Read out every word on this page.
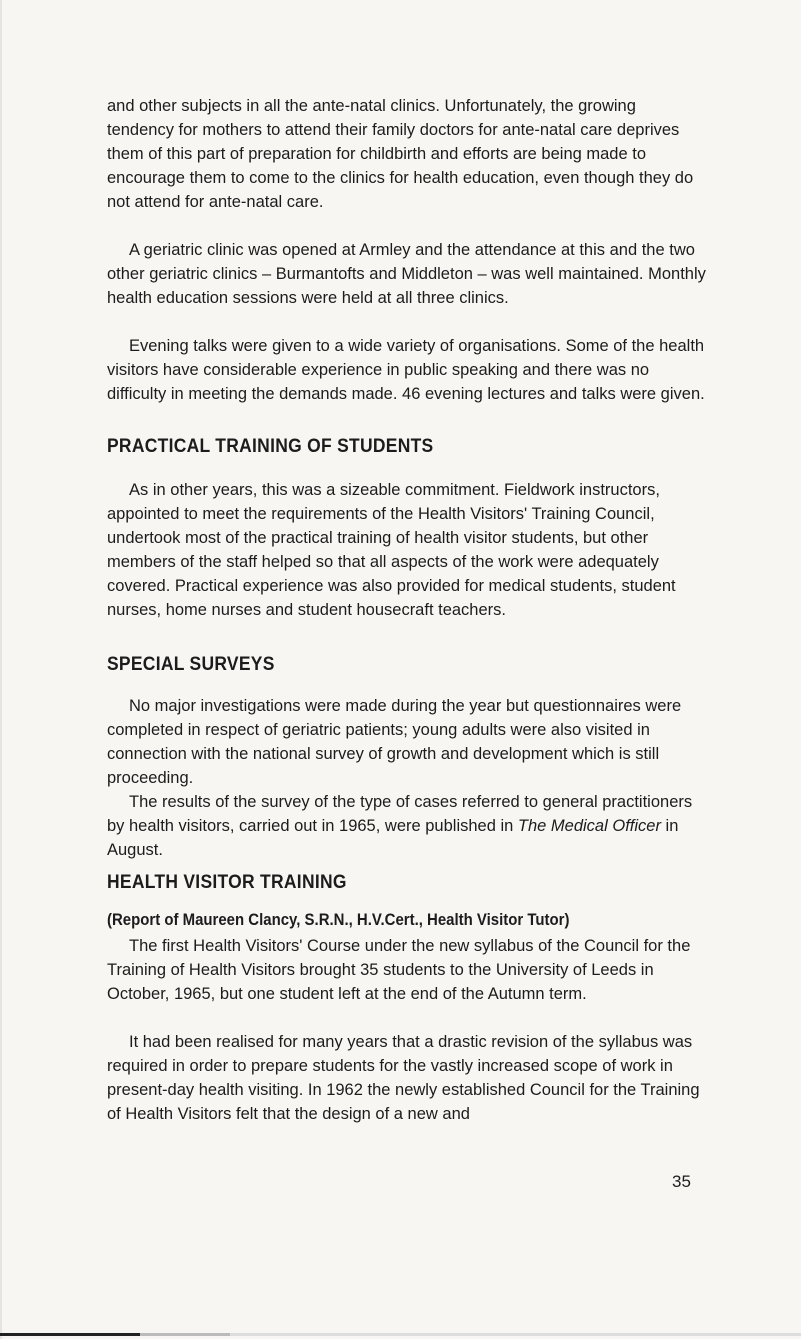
and other subjects in all the ante-natal clinics. Unfortunately, the growing tendency for mothers to attend their family doctors for ante-natal care deprives them of this part of preparation for childbirth and efforts are being made to encourage them to come to the clinics for health education, even though they do not attend for ante-natal care.

A geriatric clinic was opened at Armley and the attendance at this and the two other geriatric clinics – Burmantofts and Middleton – was well maintained. Monthly health education sessions were held at all three clinics.

Evening talks were given to a wide variety of organisations. Some of the health visitors have considerable experience in public speaking and there was no difficulty in meeting the demands made. 46 evening lectures and talks were given.

PRACTICAL TRAINING OF STUDENTS

As in other years, this was a sizeable commitment. Fieldwork instructors, appointed to meet the requirements of the Health Visitors' Training Council, undertook most of the practical training of health visitor students, but other members of the staff helped so that all aspects of the work were adequately covered. Practical experience was also provided for medical students, student nurses, home nurses and student housecraft teachers.

SPECIAL SURVEYS

No major investigations were made during the year but questionnaires were completed in respect of geriatric patients; young adults were also visited in connection with the national survey of growth and development which is still proceeding.

The results of the survey of the type of cases referred to general practitioners by health visitors, carried out in 1965, were published in The Medical Officer in August.

HEALTH VISITOR TRAINING
(Report of Maureen Clancy, S.R.N., H.V.Cert., Health Visitor Tutor)

The first Health Visitors' Course under the new syllabus of the Council for the Training of Health Visitors brought 35 students to the University of Leeds in October, 1965, but one student left at the end of the Autumn term.

It had been realised for many years that a drastic revision of the syllabus was required in order to prepare students for the vastly increased scope of work in present-day health visiting. In 1962 the newly established Council for the Training of Health Visitors felt that the design of a new and

35
